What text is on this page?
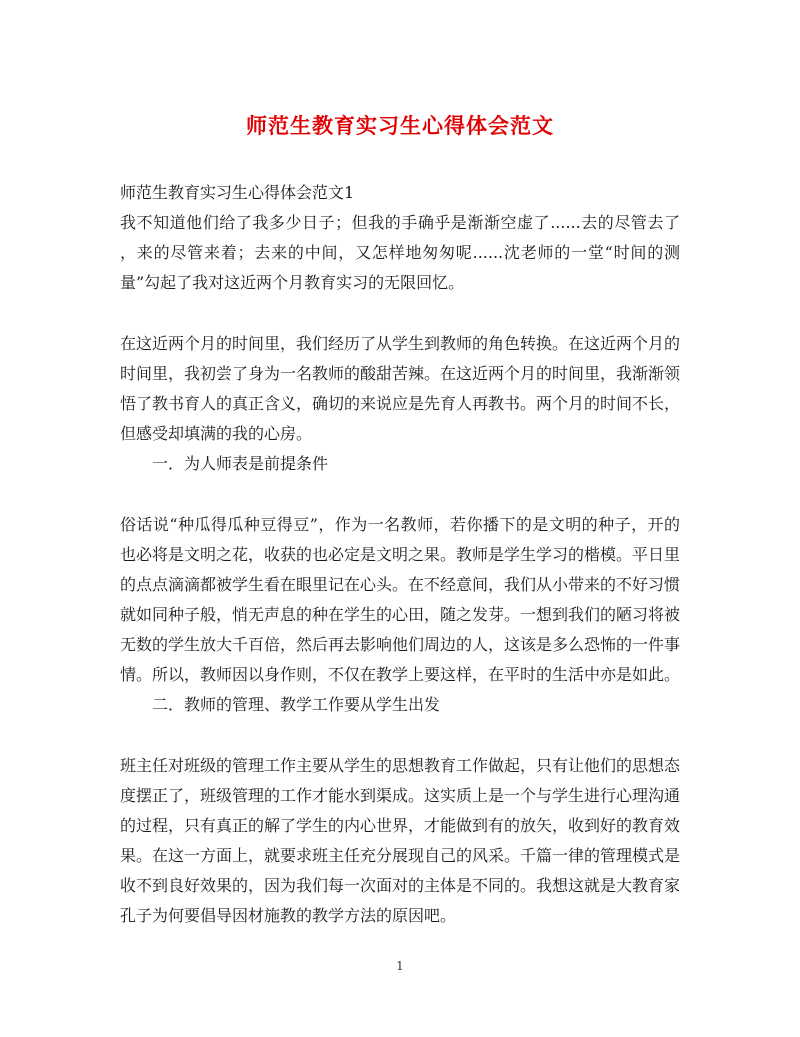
师范生教育实习生心得体会范文

师范生教育实习生心得体会范文1

我不知道他们给了我多少日子；但我的手确乎是渐渐空虚了......去的尽管去了

，来的尽管来着；去来的中间，又怎样地匆匆呢......沈老师的一堂“时间的测

量”勾起了我对这近两个月教育实习的无限回忆。

在这近两个月的时间里，我们经历了从学生到教师的角色转换。在这近两个月的

时间里，我初尝了身为一名教师的酸甜苦辣。在这近两个月的时间里，我渐渐领

悟了教书育人的真正含义，确切的来说应是先育人再教书。两个月的时间不长，

但感受却填满的我的心房。

一．为人师表是前提条件

俗话说“种瓜得瓜种豆得豆”，作为一名教师，若你播下的是文明的种子，开的

也必将是文明之花，收获的也必定是文明之果。教师是学生学习的楷模。平日里

的点点滴滴都被学生看在眼里记在心头。在不经意间，我们从小带来的不好习惯

就如同种子般，悄无声息的种在学生的心田，随之发芽。一想到我们的陋习将被

无数的学生放大千百倍，然后再去影响他们周边的人，这该是多么恐怖的一件事

情。所以，教师因以身作则，不仅在教学上要这样，在平时的生活中亦是如此。

二．教师的管理、教学工作要从学生出发

班主任对班级的管理工作主要从学生的思想教育工作做起，只有让他们的思想态

度摆正了，班级管理的工作才能水到渠成。这实质上是一个与学生进行心理沟通

的过程，只有真正的解了学生的内心世界，才能做到有的放矢，收到好的教育效

果。在这一方面上，就要求班主任充分展现自己的风采。千篇一律的管理模式是

收不到良好效果的，因为我们每一次面对的主体是不同的。我想这就是大教育家

孔子为何要倡导因材施教的教学方法的原因吧。

1
